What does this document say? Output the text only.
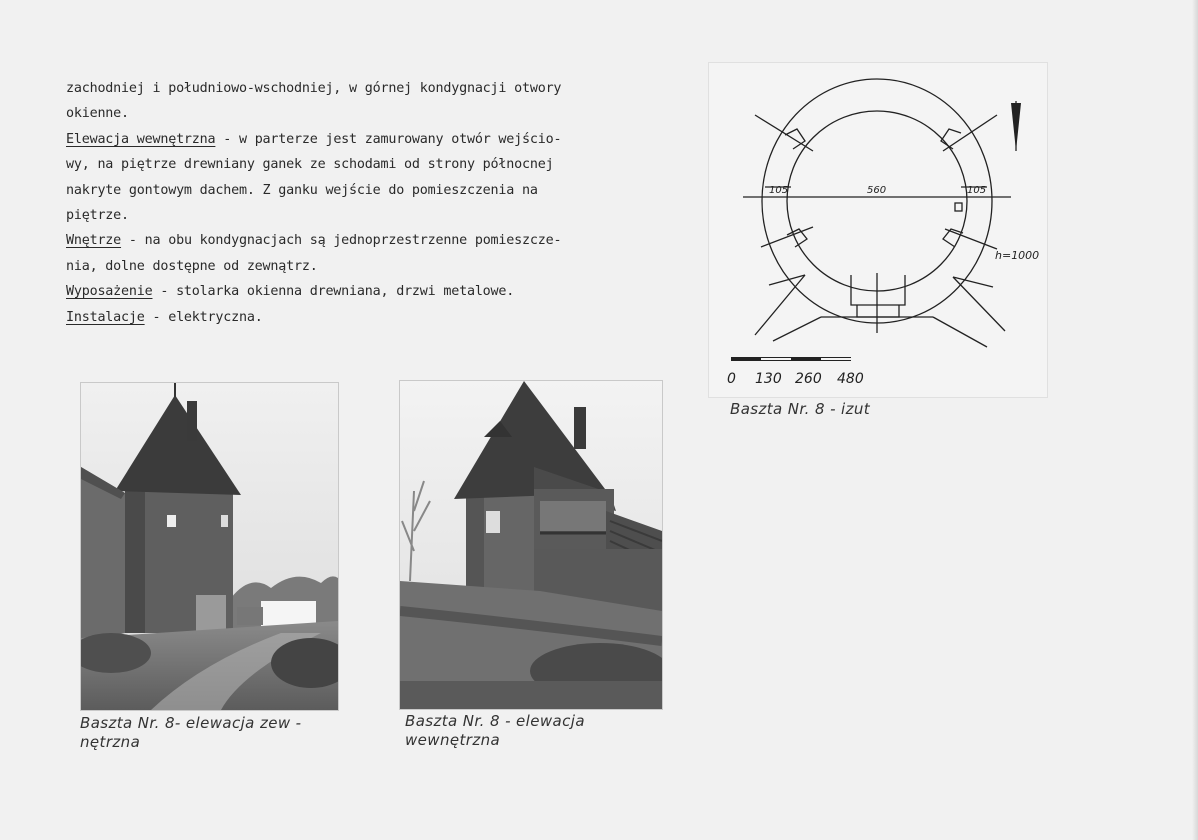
zachodniej i południowo-wschodniej, w górnej kondygnacji otwory
okienne.
Elewacja wewnętrzna - w parterze jest zamurowany otwór wejścio-
wy, na piętrze drewniany ganek ze schodami od strony północnej
nakryte gontowym dachem. Z ganku wejście do pomieszczenia na
piętrze.
Wnętrze - na obu kondygnacjach są jednoprzestrzenne pomieszcze-
nia, dolne dostępne od zewnątrz.
Wyposażenie - stolarka okienna drewniana, drzwi metalowe.
Instalacje - elektryczna.
105	560	105
h=1000
0 130 260 480
Baszta Nr. 8 - izut
Baszta Nr. 8- elewacja zew -
nętrzna
Baszta Nr. 8 - elewacja
wewnętrzna
